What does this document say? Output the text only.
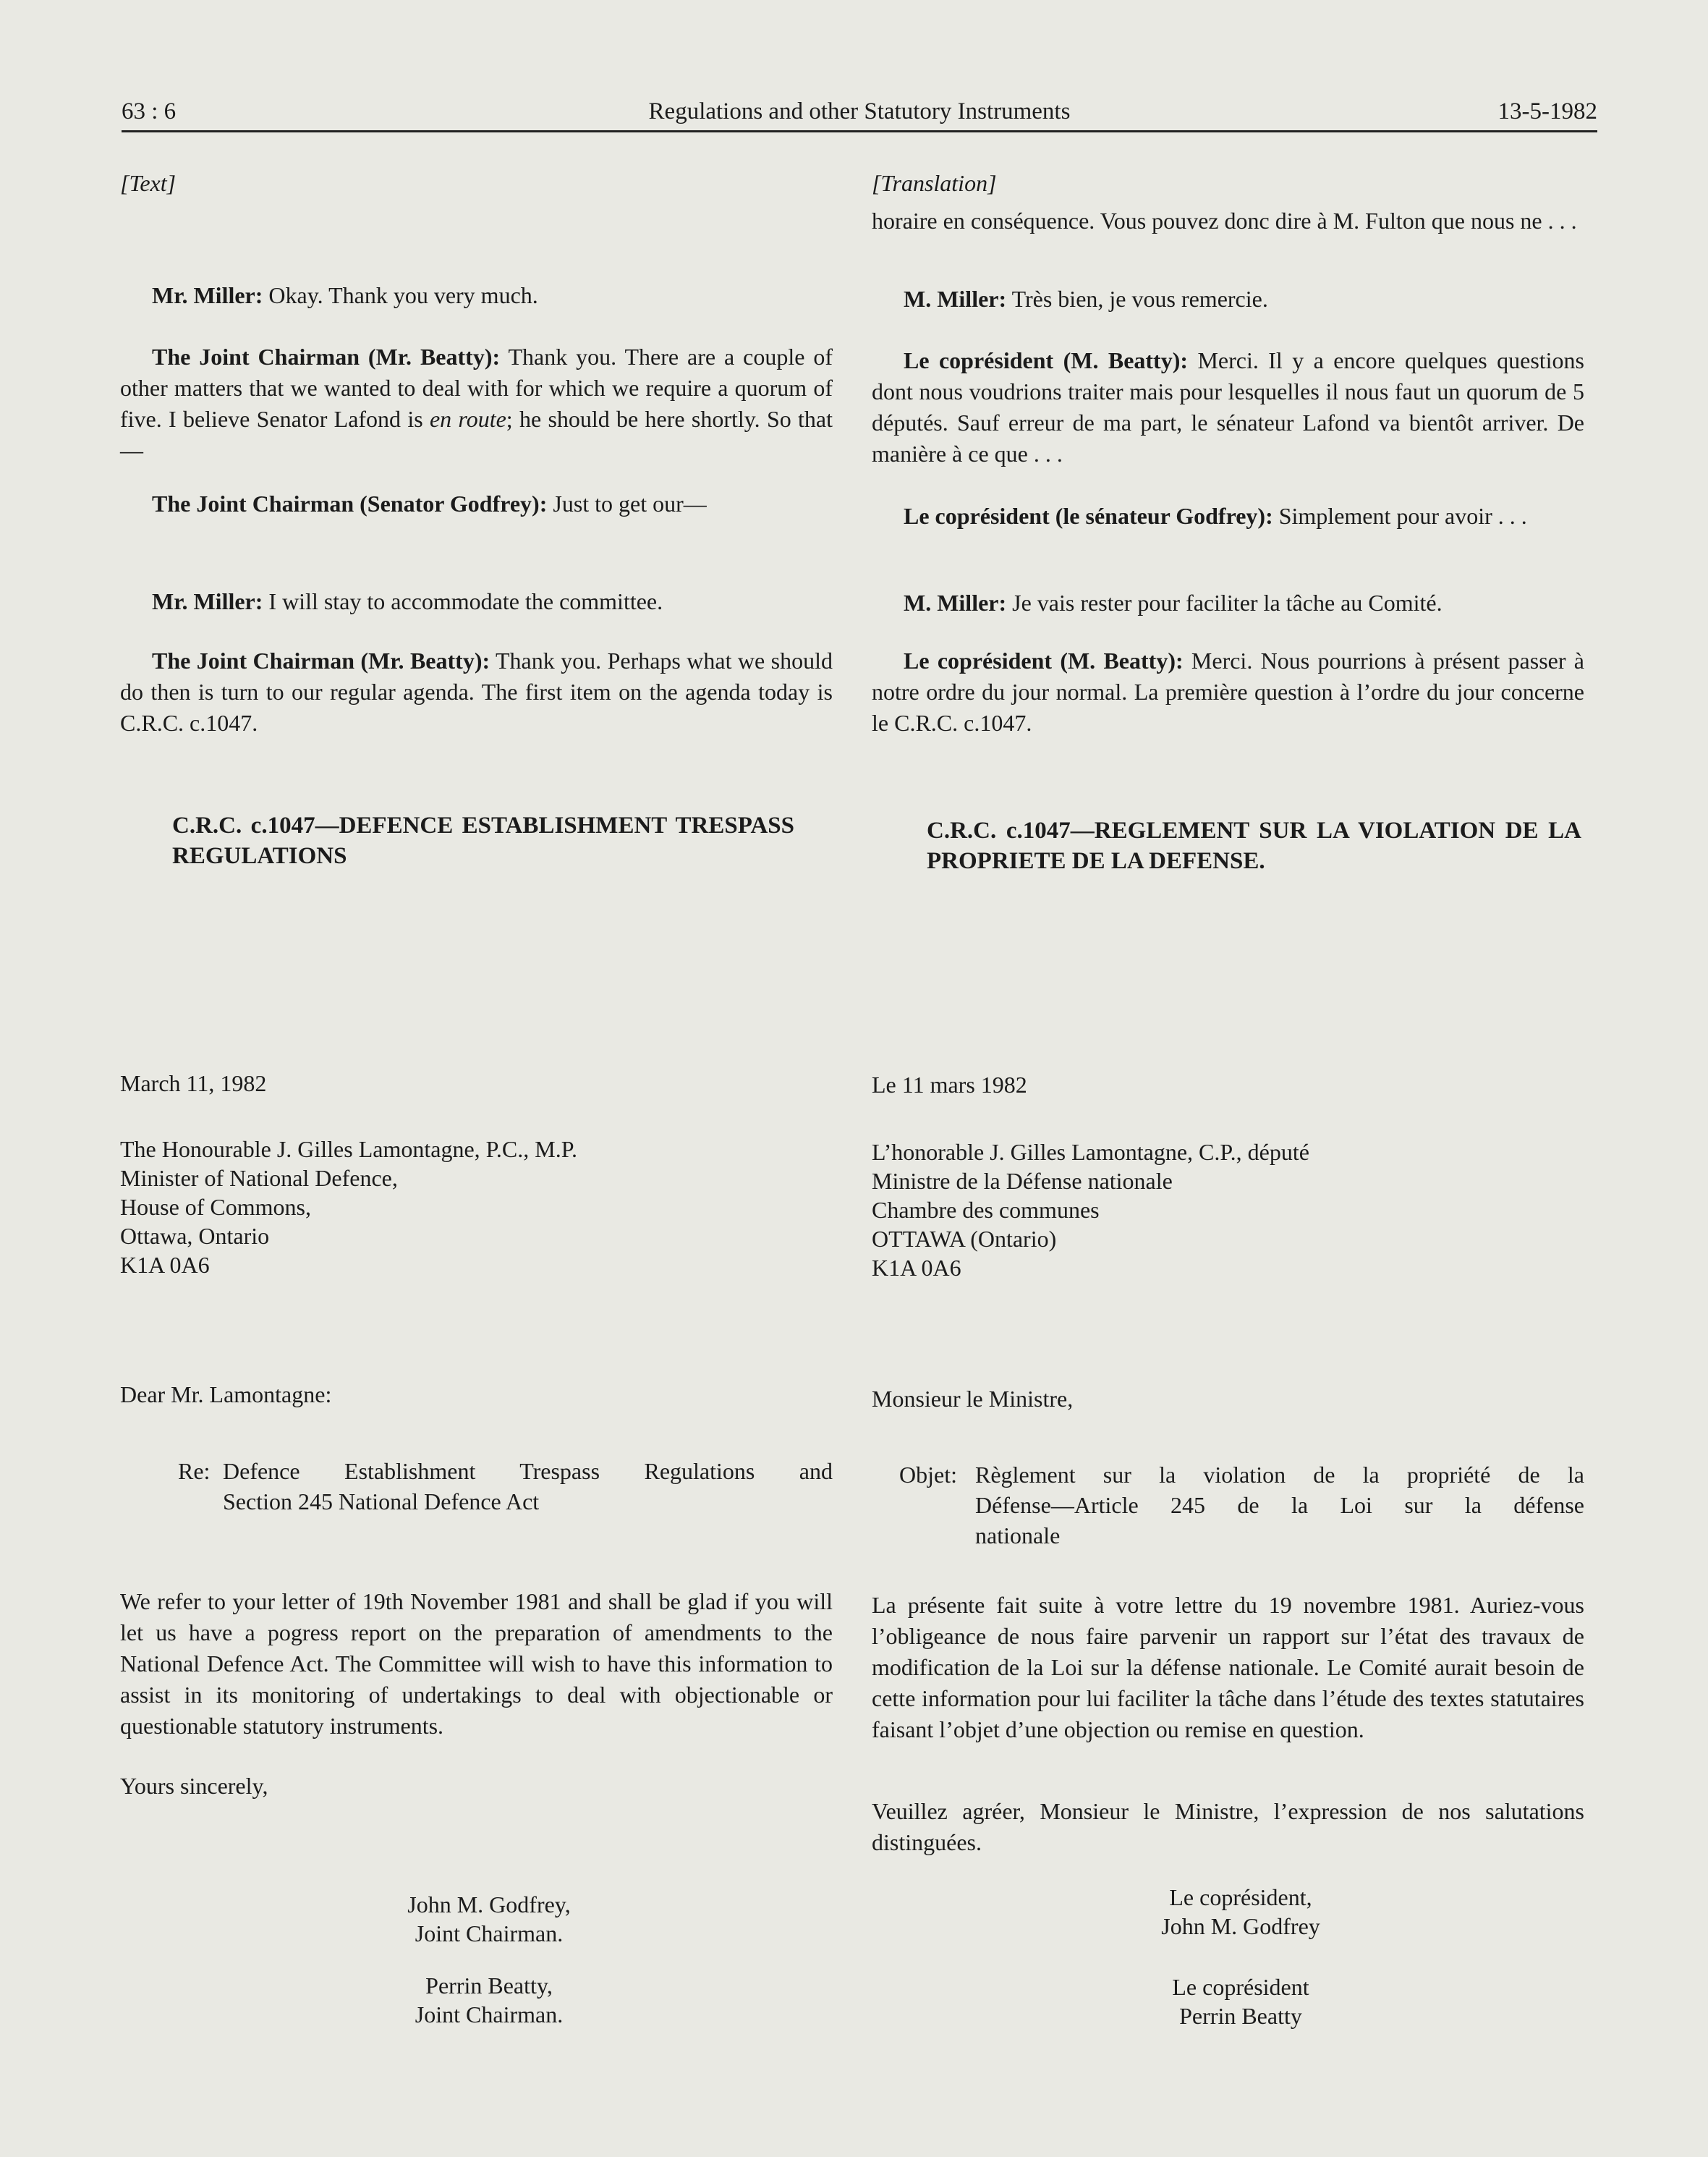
63 : 6	Regulations and other Statutory Instruments	13-5-1982
[Text]

Mr. Miller: Okay. Thank you very much.

The Joint Chairman (Mr. Beatty): Thank you. There are a couple of other matters that we wanted to deal with for which we require a quorum of five. I believe Senator Lafond is en route; he should be here shortly. So that—

The Joint Chairman (Senator Godfrey): Just to get our—

Mr. Miller: I will stay to accommodate the committee.

The Joint Chairman (Mr. Beatty): Thank you. Perhaps what we should do then is turn to our regular agenda. The first item on the agenda today is C.R.C. c.1047.

C.R.C. c.1047—DEFENCE ESTABLISHMENT TRESPASS REGULATIONS
March 11, 1982
The Honourable J. Gilles Lamontagne, P.C., M.P.
Minister of National Defence,
House of Commons,
Ottawa, Ontario
K1A 0A6
Dear Mr. Lamontagne:
Re: Defence Establishment Trespass Regulations and
Section 245 National Defence Act

We refer to your letter of 19th November 1981 and shall be glad if you will let us have a pogress report on the preparation of amendments to the National Defence Act. The Committee will wish to have this information to assist in its monitoring of undertakings to deal with objectionable or questionable statutory instruments.

Yours sincerely,
John M. Godfrey,
Joint Chairman.
Perrin Beatty,
Joint Chairman.
[Translation]

horaire en conséquence. Vous pouvez donc dire à M. Fulton que nous ne . . .

M. Miller: Très bien, je vous remercie.

Le coprésident (M. Beatty): Merci. Il y a encore quelques questions dont nous voudrions traiter mais pour lesquelles il nous faut un quorum de 5 députés. Sauf erreur de ma part, le sénateur Lafond va bientôt arriver. De manière à ce que . . .

Le coprésident (le sénateur Godfrey): Simplement pour avoir . . .

M. Miller: Je vais rester pour faciliter la tâche au Comité.

Le coprésident (M. Beatty): Merci. Nous pourrions à présent passer à notre ordre du jour normal. La première question à l’ordre du jour concerne le C.R.C. c.1047.

C.R.C. c.1047—REGLEMENT SUR LA VIOLATION DE LA PROPRIETE DE LA DEFENSE.
Le 11 mars 1982
L’honorable J. Gilles Lamontagne, C.P., député
Ministre de la Défense nationale
Chambre des communes
OTTAWA (Ontario)
K1A 0A6
Monsieur le Ministre,
Objet: Règlement sur la violation de la propriété de la
Défense—Article 245 de la Loi sur la défense
nationale

La présente fait suite à votre lettre du 19 novembre 1981. Auriez-vous l’obligeance de nous faire parvenir un rapport sur l’état des travaux de modification de la Loi sur la défense nationale. Le Comité aurait besoin de cette information pour lui faciliter la tâche dans l’étude des textes statutaires faisant l’objet d’une objection ou remise en question.

Veuillez agréer, Monsieur le Ministre, l’expression de nos salutations distinguées.

Le coprésident,
John M. Godfrey
Le coprésident
Perrin Beatty
